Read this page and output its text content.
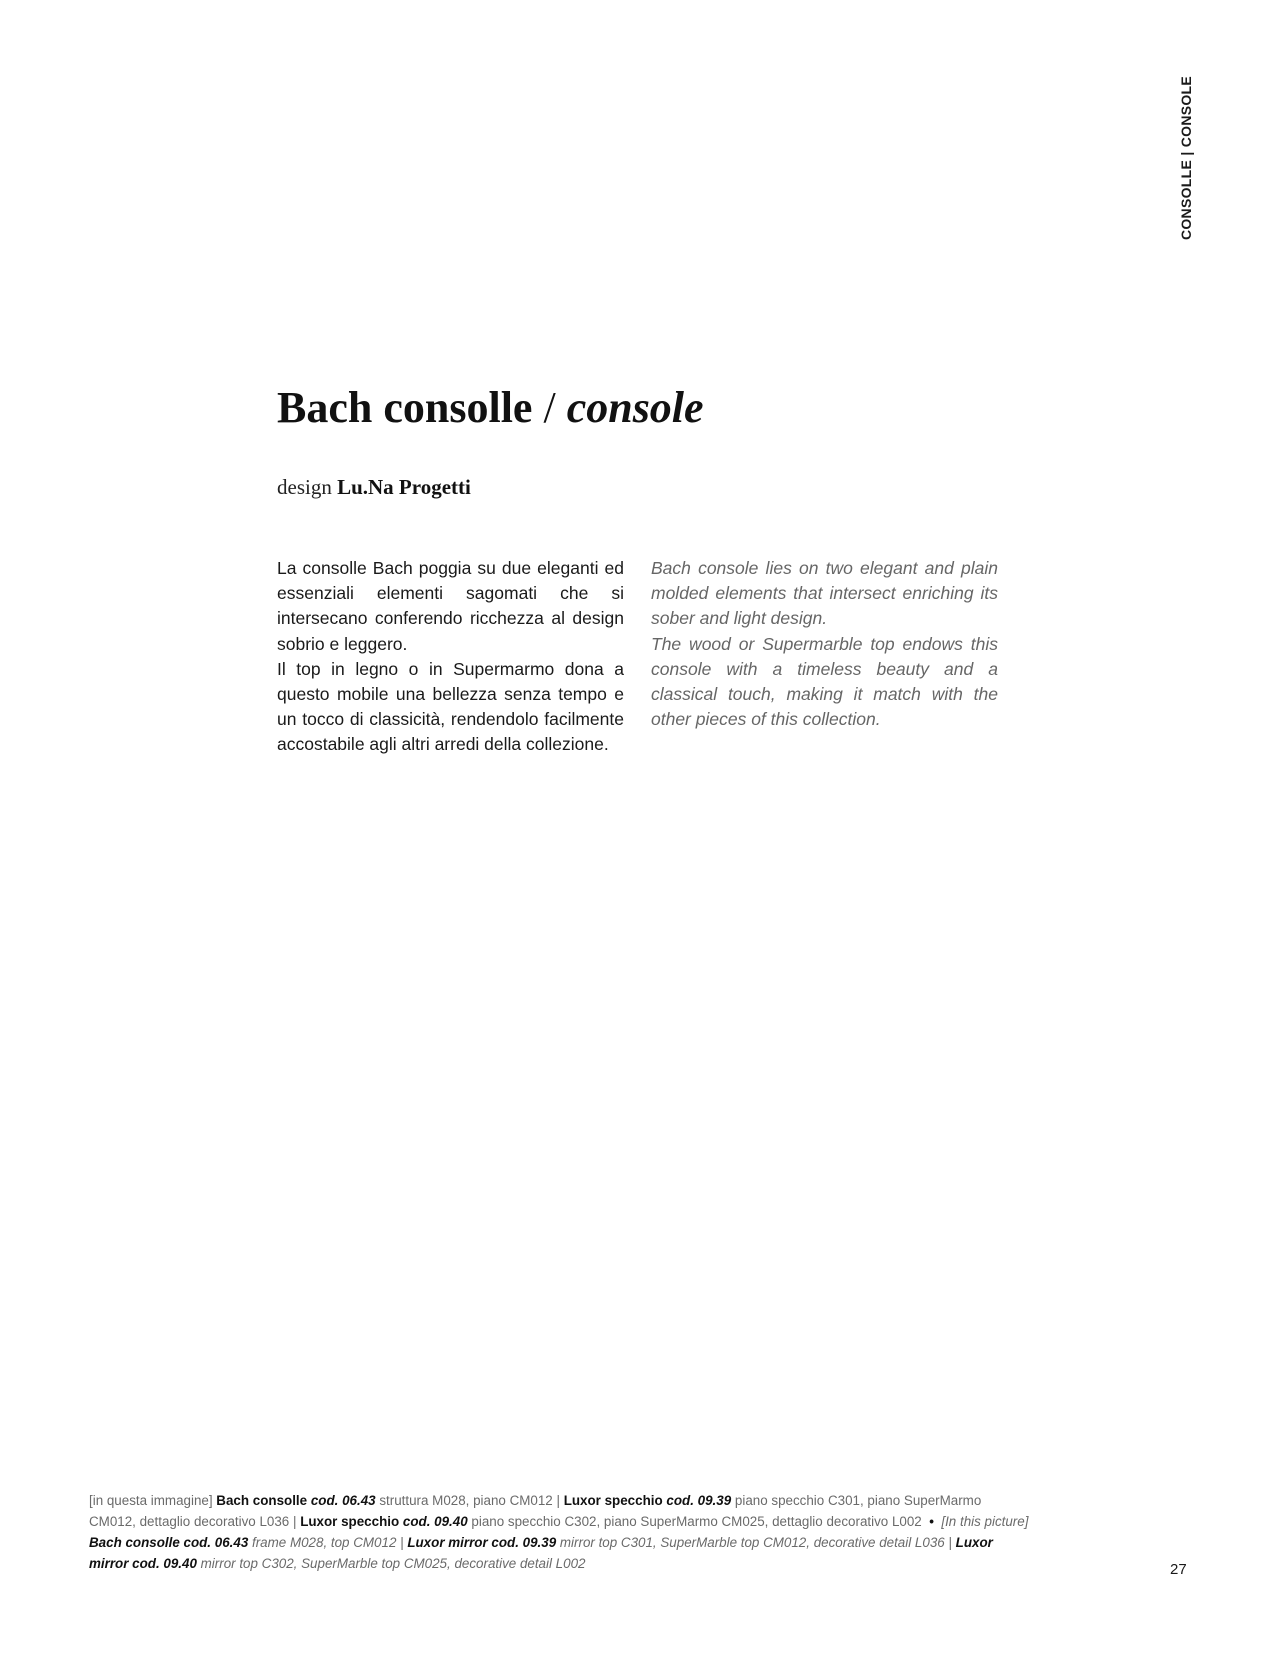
CONSOLLE | CONSOLE
Bach consolle / console
design Lu.Na Progetti

La consolle Bach poggia su due eleganti ed essenziali elementi sagomati che si intersecano conferendo ricchezza al design sobrio e leggero.

Il top in legno o in Supermarmo dona a questo mobile una bellezza senza tempo e un tocco di classicità, rendendolo facilmente accostabile agli altri arredi della collezione.

Bach console lies on two elegant and plain molded elements that intersect enriching its sober and light design.

The wood or Supermarble top endows this console with a timeless beauty and a classical touch, making it match with the other pieces of this collection.

[in questa immagine] Bach consolle cod. 06.43 struttura M028, piano CM012 | Luxor specchio cod. 09.39 piano specchio C301, piano SuperMarmo CM012, dettaglio decorativo L036 | Luxor specchio cod. 09.40 piano specchio C302, piano SuperMarmo CM025, dettaglio decorativo L002 • [In this picture] Bach consolle cod. 06.43 frame M028, top CM012 | Luxor mirror cod. 09.39 mirror top C301, SuperMarble top CM012, decorative detail L036 | Luxor mirror cod. 09.40 mirror top C302, SuperMarble top CM025, decorative detail L002	27
